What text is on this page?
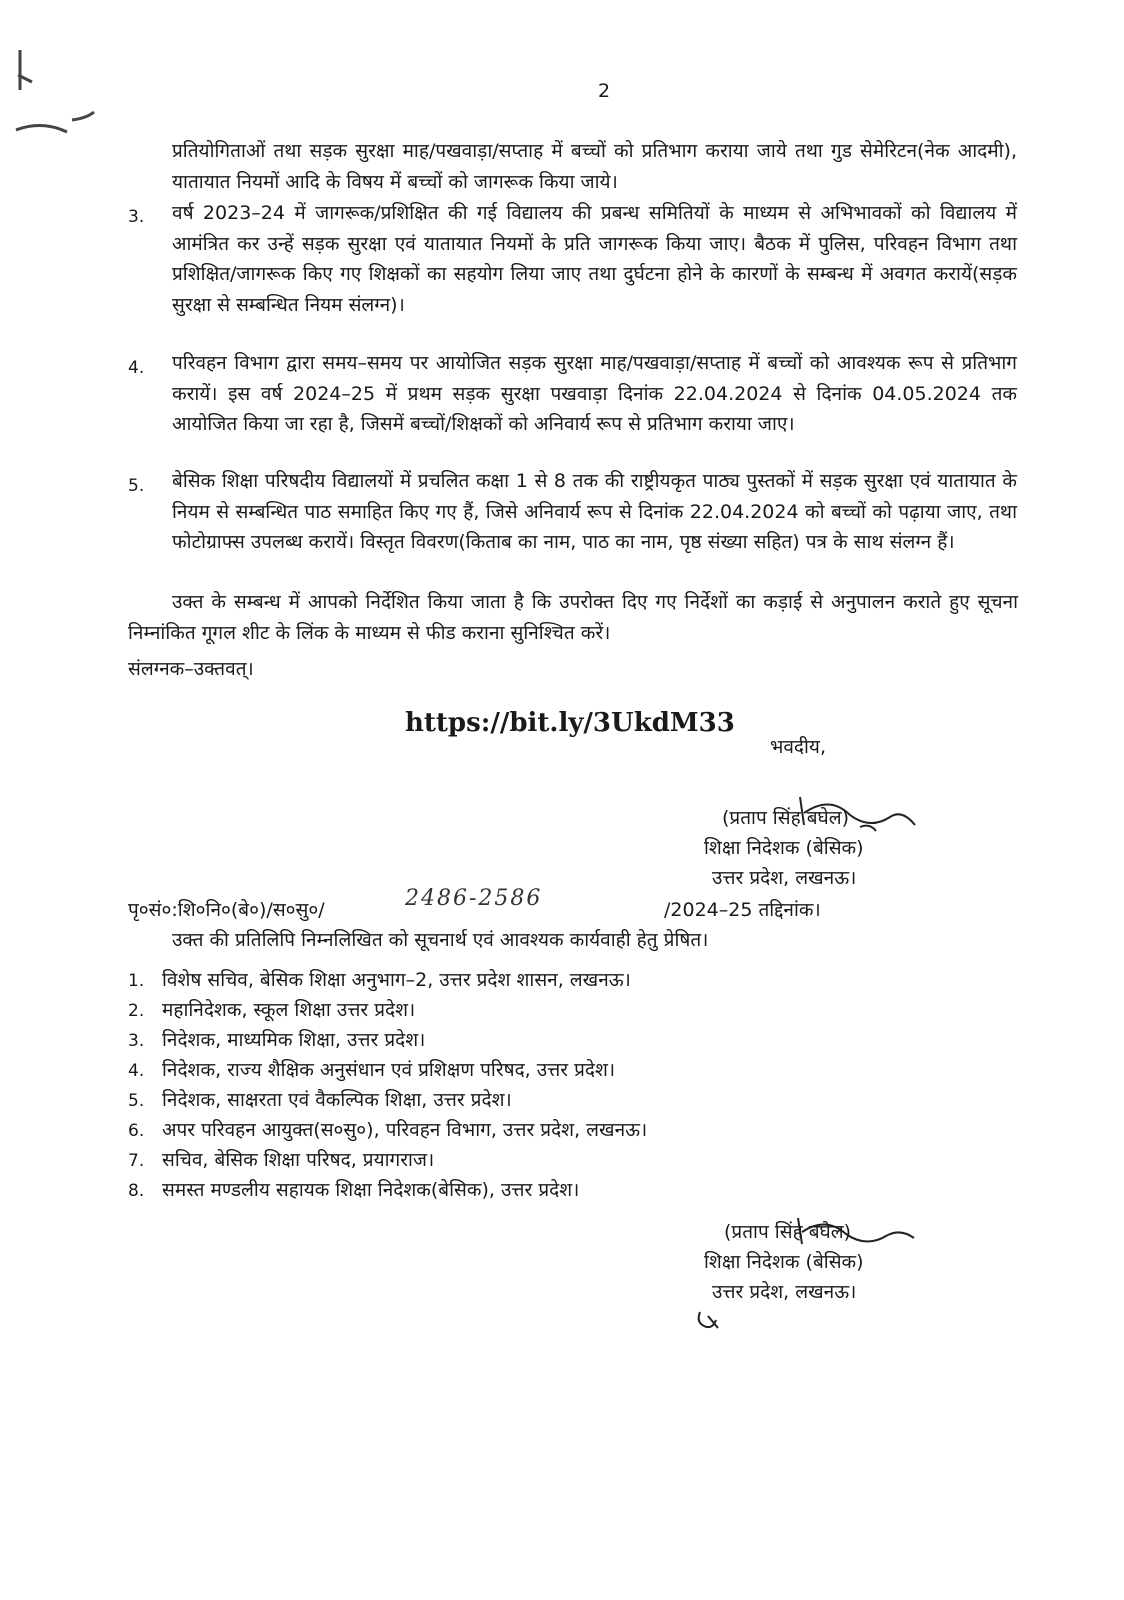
2

प्रतियोगिताओं तथा सड़क सुरक्षा माह/पखवाड़ा/सप्ताह में बच्चों को प्रतिभाग कराया जाये तथा गुड सेमेरिटन(नेक आदमी), यातायात नियमों आदि के विषय में बच्चों को जागरूक किया जाये।

3. वर्ष 2023–24 में जागरूक/प्रशिक्षित की गई विद्यालय की प्रबन्ध समितियों के माध्यम से अभिभावकों को विद्यालय में आमंत्रित कर उन्हें सड़क सुरक्षा एवं यातायात नियमों के प्रति जागरूक किया जाए। बैठक में पुलिस, परिवहन विभाग तथा प्रशिक्षित/जागरूक किए गए शिक्षकों का सहयोग लिया जाए तथा दुर्घटना होने के कारणों के सम्बन्ध में अवगत करायें(सड़क सुरक्षा से सम्बन्धित नियम संलग्न)।

4. परिवहन विभाग द्वारा समय–समय पर आयोजित सड़क सुरक्षा माह/पखवाड़ा/सप्ताह में बच्चों को आवश्यक रूप से प्रतिभाग करायें। इस वर्ष 2024–25 में प्रथम सड़क सुरक्षा पखवाड़ा दिनांक 22.04.2024 से दिनांक 04.05.2024 तक आयोजित किया जा रहा है, जिसमें बच्चों/शिक्षकों को अनिवार्य रूप से प्रतिभाग कराया जाए।

5. बेसिक शिक्षा परिषदीय विद्यालयों में प्रचलित कक्षा 1 से 8 तक की राष्ट्रीयकृत पाठ्य पुस्तकों में सड़क सुरक्षा एवं यातायात के नियम से सम्बन्धित पाठ समाहित किए गए हैं, जिसे अनिवार्य रूप से दिनांक 22.04.2024 को बच्चों को पढ़ाया जाए, तथा फोटोग्राफ्स उपलब्ध करायें। विस्तृत विवरण(किताब का नाम, पाठ का नाम, पृष्ठ संख्या सहित) पत्र के साथ संलग्न हैं।

उक्त के सम्बन्ध में आपको निर्देशित किया जाता है कि उपरोक्त दिए गए निर्देशों का कड़ाई से अनुपालन कराते हुए सूचना निम्नांकित गूगल शीट के लिंक के माध्यम से फीड कराना सुनिश्चित करें।

संलग्नक–उक्तवत्।
https://bit.ly/3UkdM33
भवदीय,
(प्रताप सिंह बघेल)
शिक्षा निदेशक (बेसिक)
उत्तर प्रदेश, लखनऊ।
पृ०सं०:शि०नि०(बे०)/स०सु०/	2486-2586	/2024–25 तद्दिनांक।
उक्त की प्रतिलिपि निम्नलिखित को सूचनार्थ एवं आवश्यक कार्यवाही हेतु प्रेषित।
1. विशेष सचिव, बेसिक शिक्षा अनुभाग–2, उत्तर प्रदेश शासन, लखनऊ।
2. महानिदेशक, स्कूल शिक्षा उत्तर प्रदेश।
3. निदेशक, माध्यमिक शिक्षा, उत्तर प्रदेश।
4. निदेशक, राज्य शैक्षिक अनुसंधान एवं प्रशिक्षण परिषद, उत्तर प्रदेश।
5. निदेशक, साक्षरता एवं वैकल्पिक शिक्षा, उत्तर प्रदेश।
6. अपर परिवहन आयुक्त(स०सु०), परिवहन विभाग, उत्तर प्रदेश, लखनऊ।
7. सचिव, बेसिक शिक्षा परिषद, प्रयागराज।
8. समस्त मण्डलीय सहायक शिक्षा निदेशक(बेसिक), उत्तर प्रदेश।
(प्रताप सिंह बघेल)
शिक्षा निदेशक (बेसिक)
उत्तर प्रदेश, लखनऊ।
